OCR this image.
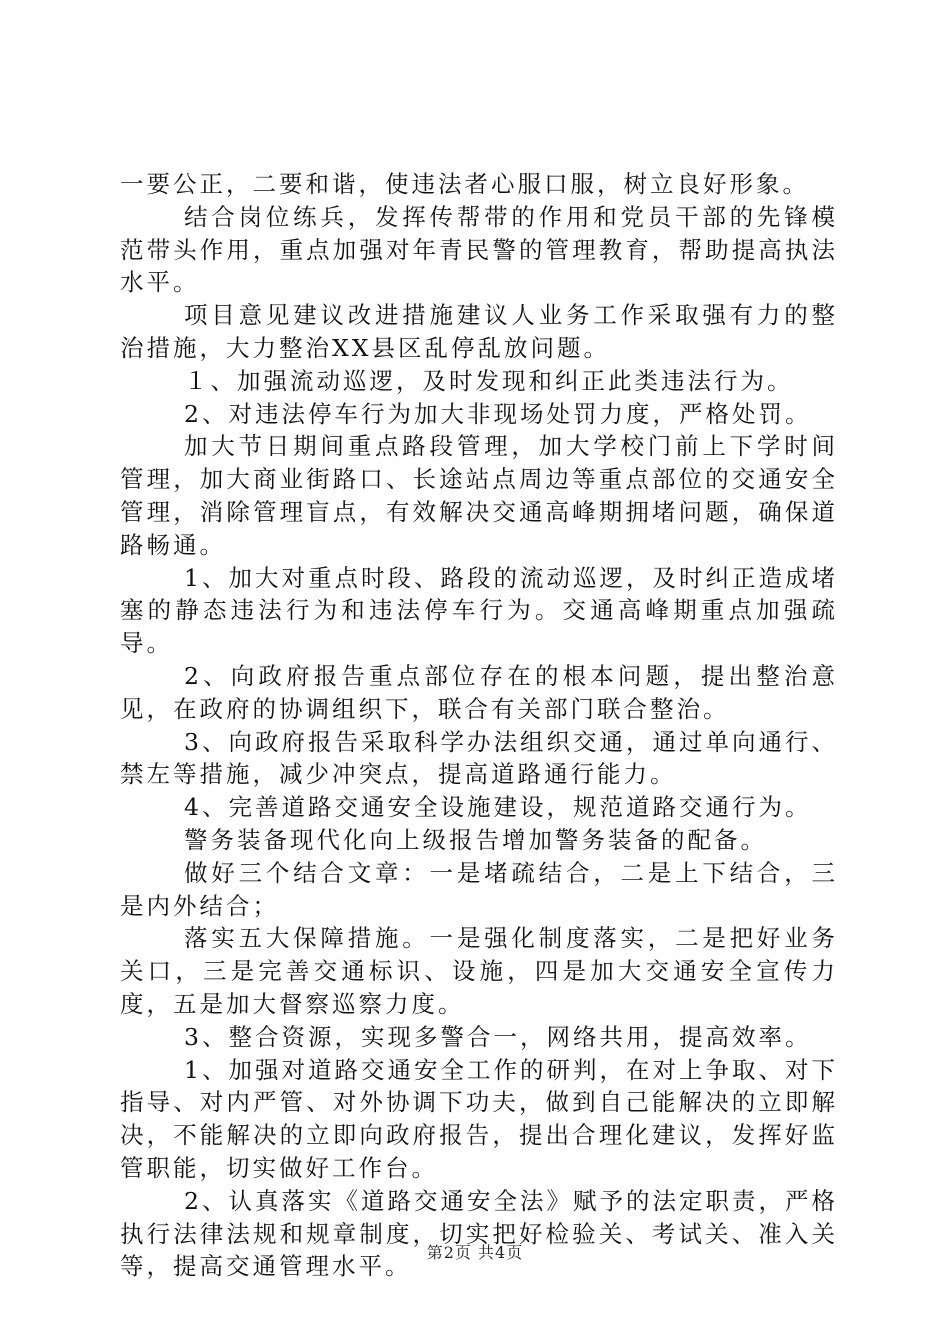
一要公正，二要和谐，使违法者心服口服，树立良好形象。

结合岗位练兵，发挥传帮带的作用和党员干部的先锋模范带头作用，重点加强对年青民警的管理教育，帮助提高执法水平。

项目意见建议改进措施建议人业务工作采取强有力的整治措施，大力整治XX县区乱停乱放问题。

１、加强流动巡逻，及时发现和纠正此类违法行为。

2、对违法停车行为加大非现场处罚力度，严格处罚。

加大节日期间重点路段管理，加大学校门前上下学时间管理，加大商业街路口、长途站点周边等重点部位的交通安全管理，消除管理盲点，有效解决交通高峰期拥堵问题，确保道路畅通。

1、加大对重点时段、路段的流动巡逻，及时纠正造成堵塞的静态违法行为和违法停车行为。交通高峰期重点加强疏导。

2、向政府报告重点部位存在的根本问题，提出整治意见，在政府的协调组织下，联合有关部门联合整治。

3、向政府报告采取科学办法组织交通，通过单向通行、禁左等措施，减少冲突点，提高道路通行能力。

4、完善道路交通安全设施建设，规范道路交通行为。

警务装备现代化向上级报告增加警务装备的配备。

做好三个结合文章：一是堵疏结合，二是上下结合，三是内外结合；

落实五大保障措施。一是强化制度落实，二是把好业务关口，三是完善交通标识、设施，四是加大交通安全宣传力度，五是加大督察巡察力度。

3、整合资源，实现多警合一，网络共用，提高效率。

1、加强对道路交通安全工作的研判，在对上争取、对下指导、对内严管、对外协调下功夫，做到自己能解决的立即解决，不能解决的立即向政府报告，提出合理化建议，发挥好监管职能，切实做好工作台。

2、认真落实《道路交通安全法》赋予的法定职责，严格执行法律法规和规章制度，切实把好检验关、考试关、准入关等，提高交通管理水平。 第2页 共4页
